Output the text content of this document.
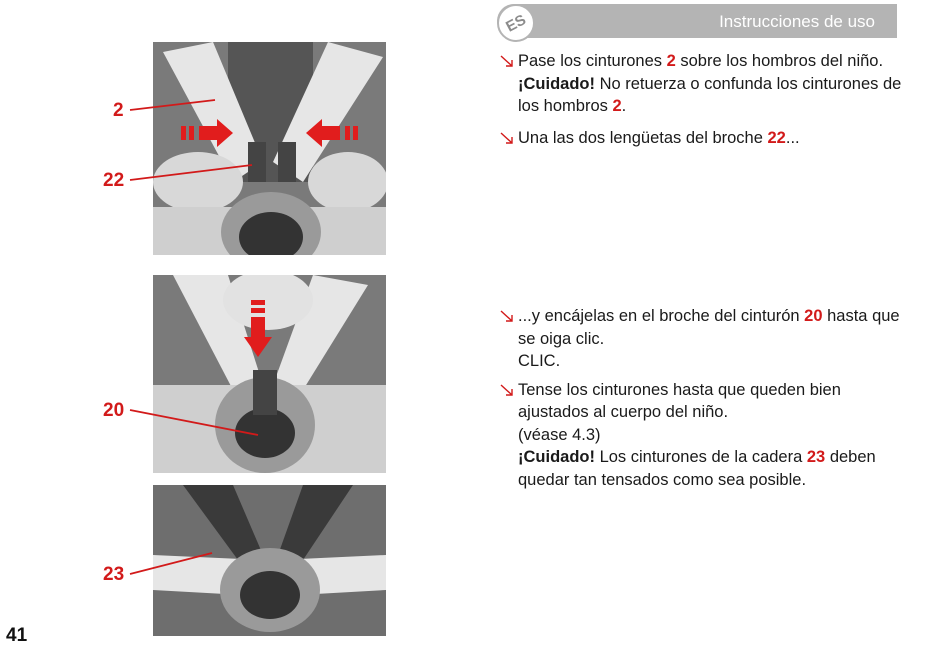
Instrucciones de uso
ES
2
22
20
23
Pase los cinturones 2 sobre los hombros del niño.
¡Cuidado! No retuerza o confunda los cinturones de los hombros 2.
Una las dos lengüetas del broche 22...
...y encájelas en el broche del cinturón 20 hasta que se oiga clic.
CLIC.
Tense los cinturones hasta que queden bien ajustados al cuerpo del niño.
(véase 4.3)
¡Cuidado! Los cinturones de la cadera 23 deben quedar tan tensados como sea posible.
41
